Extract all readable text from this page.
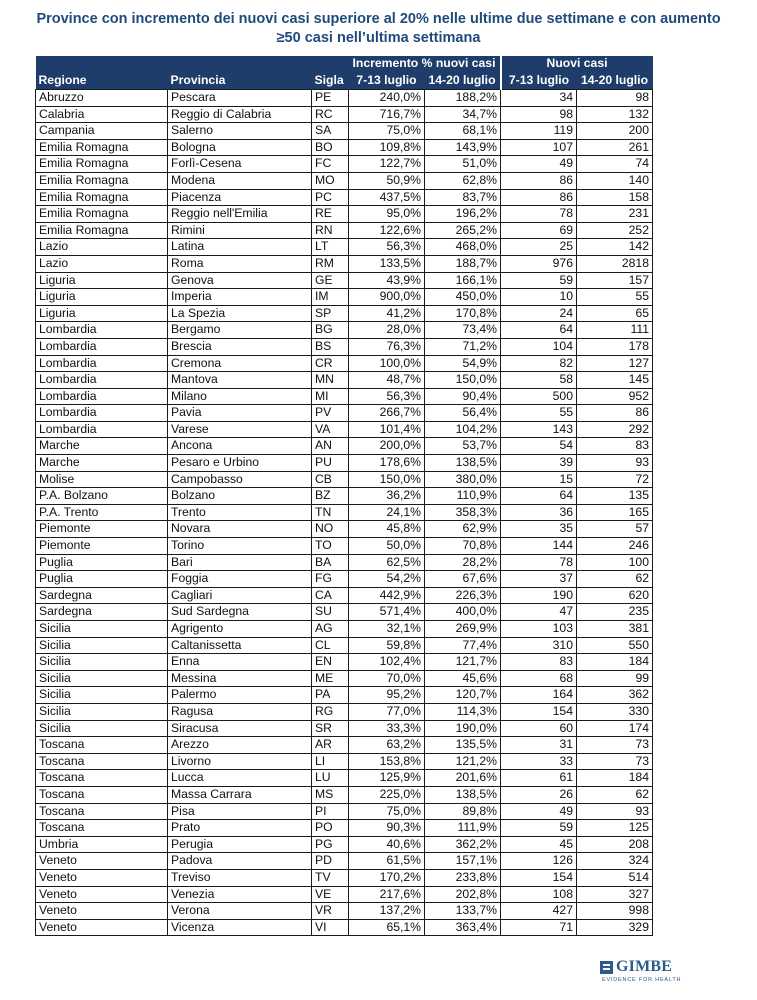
Province con incremento dei nuovi casi superiore al 20% nelle ultime due settimane e con aumento
≥50 casi nell’ultima settimana
			Incremento % nuovi casi		Nuovi casi	
Regione	Provincia	Sigla	7-13 luglio	14-20 luglio	7-13 luglio	14-20 luglio
Abruzzo	Pescara	PE	240,0%	188,2%	34	98
Calabria	Reggio di Calabria	RC	716,7%	34,7%	98	132
Campania	Salerno	SA	75,0%	68,1%	119	200
Emilia Romagna	Bologna	BO	109,8%	143,9%	107	261
Emilia Romagna	Forlì-Cesena	FC	122,7%	51,0%	49	74
Emilia Romagna	Modena	MO	50,9%	62,8%	86	140
Emilia Romagna	Piacenza	PC	437,5%	83,7%	86	158
Emilia Romagna	Reggio nell'Emilia	RE	95,0%	196,2%	78	231
Emilia Romagna	Rimini	RN	122,6%	265,2%	69	252
Lazio	Latina	LT	56,3%	468,0%	25	142
Lazio	Roma	RM	133,5%	188,7%	976	2818
Liguria	Genova	GE	43,9%	166,1%	59	157
Liguria	Imperia	IM	900,0%	450,0%	10	55
Liguria	La Spezia	SP	41,2%	170,8%	24	65
Lombardia	Bergamo	BG	28,0%	73,4%	64	111
Lombardia	Brescia	BS	76,3%	71,2%	104	178
Lombardia	Cremona	CR	100,0%	54,9%	82	127
Lombardia	Mantova	MN	48,7%	150,0%	58	145
Lombardia	Milano	MI	56,3%	90,4%	500	952
Lombardia	Pavia	PV	266,7%	56,4%	55	86
Lombardia	Varese	VA	101,4%	104,2%	143	292
Marche	Ancona	AN	200,0%	53,7%	54	83
Marche	Pesaro e Urbino	PU	178,6%	138,5%	39	93
Molise	Campobasso	CB	150,0%	380,0%	15	72
P.A. Bolzano	Bolzano	BZ	36,2%	110,9%	64	135
P.A. Trento	Trento	TN	24,1%	358,3%	36	165
Piemonte	Novara	NO	45,8%	62,9%	35	57
Piemonte	Torino	TO	50,0%	70,8%	144	246
Puglia	Bari	BA	62,5%	28,2%	78	100
Puglia	Foggia	FG	54,2%	67,6%	37	62
Sardegna	Cagliari	CA	442,9%	226,3%	190	620
Sardegna	Sud Sardegna	SU	571,4%	400,0%	47	235
Sicilia	Agrigento	AG	32,1%	269,9%	103	381
Sicilia	Caltanissetta	CL	59,8%	77,4%	310	550
Sicilia	Enna	EN	102,4%	121,7%	83	184
Sicilia	Messina	ME	70,0%	45,6%	68	99
Sicilia	Palermo	PA	95,2%	120,7%	164	362
Sicilia	Ragusa	RG	77,0%	114,3%	154	330
Sicilia	Siracusa	SR	33,3%	190,0%	60	174
Toscana	Arezzo	AR	63,2%	135,5%	31	73
Toscana	Livorno	LI	153,8%	121,2%	33	73
Toscana	Lucca	LU	125,9%	201,6%	61	184
Toscana	Massa Carrara	MS	225,0%	138,5%	26	62
Toscana	Pisa	PI	75,0%	89,8%	49	93
Toscana	Prato	PO	90,3%	111,9%	59	125
Umbria	Perugia	PG	40,6%	362,2%	45	208
Veneto	Padova	PD	61,5%	157,1%	126	324
Veneto	Treviso	TV	170,2%	233,8%	154	514
Veneto	Venezia	VE	217,6%	202,8%	108	327
Veneto	Verona	VR	137,2%	133,7%	427	998
Veneto	Vicenza	VI	65,1%	363,4%	71	329
GIMBE
EVIDENCE FOR HEALTH
